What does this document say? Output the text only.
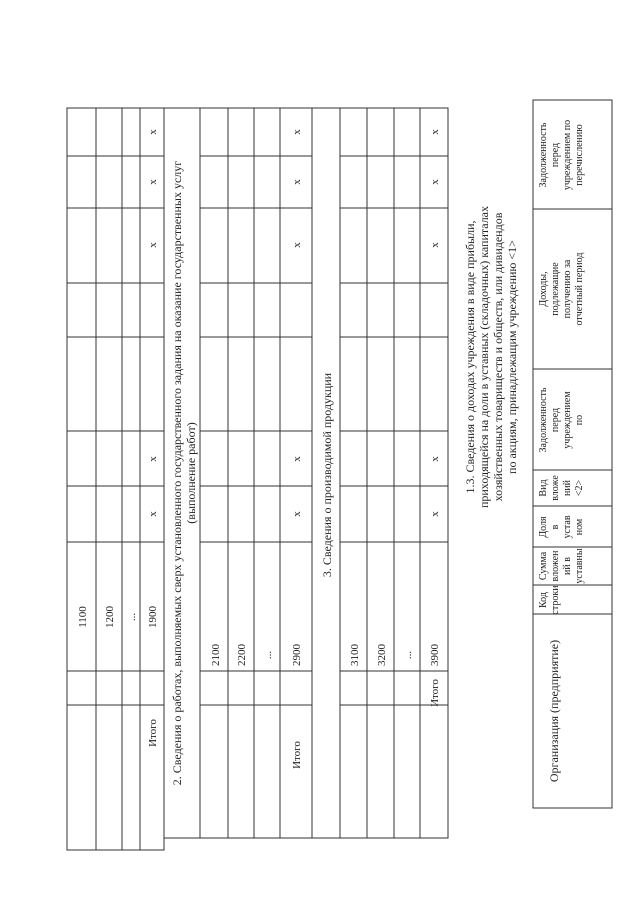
1100 1200 ... 1900
Итого
x
x
x
x
x
2. Сведения о работах, выполняемых сверх установленного государственного задания на оказание государственных услуг (выполнение работ)
2100 2200 ... 2900
Итого
x
x
x
x
x
3. Сведения о производимой продукции
3100 3200 ... 3900
Итого
x
x
x
x
x
1.3. Сведения о доходах учреждения в виде прибыли, приходящейся на доли в уставных (складочных) капиталах хозяйственных товариществ и обществ, или дивидендов по акциям, принадлежащим учреждению <1>
Организация (предприятие)
Код строки
Сумма вложен ий в уставны
Доля в устав ном
Вид вложе ний <2>
Задолженность перед учреждением по
Доходы, подлежащие получению за отчетный период
Задолженность перед учреждением по перечислению
